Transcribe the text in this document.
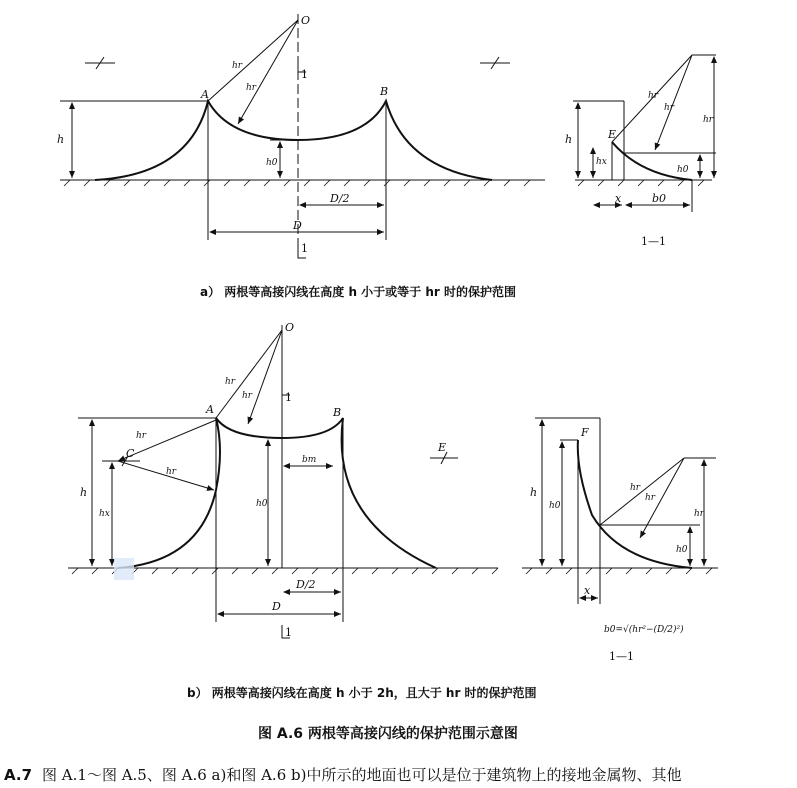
O
A	B
h
hr
hr
h0
D
D/2
1
1
E
h
hx
hr
hr
hr
h0
x	b0
1—1
a） 两根等高接闪线在高度 h 小于或等于 hr 时的保护范围
O
A	B
C
h
hx
hr
hr
hr
hr
h0
bm
D/2
D
E
1
1
F
h
h0
hr
hr
hr
h0
x
b0=√(hr²−(D/2)²)
1—1
b） 两根等高接闪线在高度 h 小于 2h，且大于 hr 时的保护范围
图 A.6 两根等高接闪线的保护范围示意图
A.7 图 A.1～图 A.5、图 A.6 a)和图 A.6 b)中所示的地面也可以是位于建筑物上的接地金属物、其他
